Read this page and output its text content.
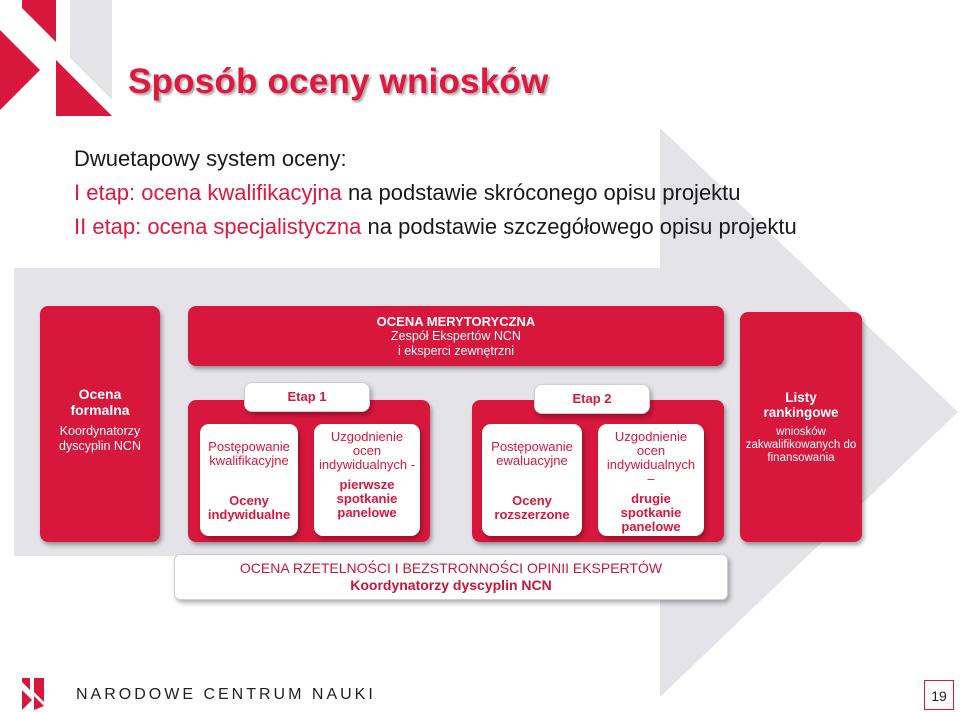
Sposób oceny wniosków
Dwuetapowy system oceny:
I etap: ocena kwalifikacyjna na podstawie skróconego opisu projektu
II etap: ocena specjalistyczna na podstawie szczegółowego opisu projektu
Ocena formalna
Koordynatorzy dyscyplin NCN
OCENA MERYTORYCZNA
Zespół Ekspertów NCN
i eksperci zewnętrzni
Etap 1
Postępowanie kwalifikacyjne
Oceny indywidualne
Uzgodnienie ocen indywidualnych -
pierwsze spotkanie panelowe
Etap 2
Postępowanie ewaluacyjne
Oceny rozszerzone
Uzgodnienie ocen indywidualnych –
drugie spotkanie panelowe
Listy rankingowe
wniosków zakwalifikowanych do finansowania
OCENA RZETELNOŚCI I BEZSTRONNOŚCI OPINII EKSPERTÓW
Koordynatorzy dyscyplin NCN
NARODOWE CENTRUM NAUKI	19
